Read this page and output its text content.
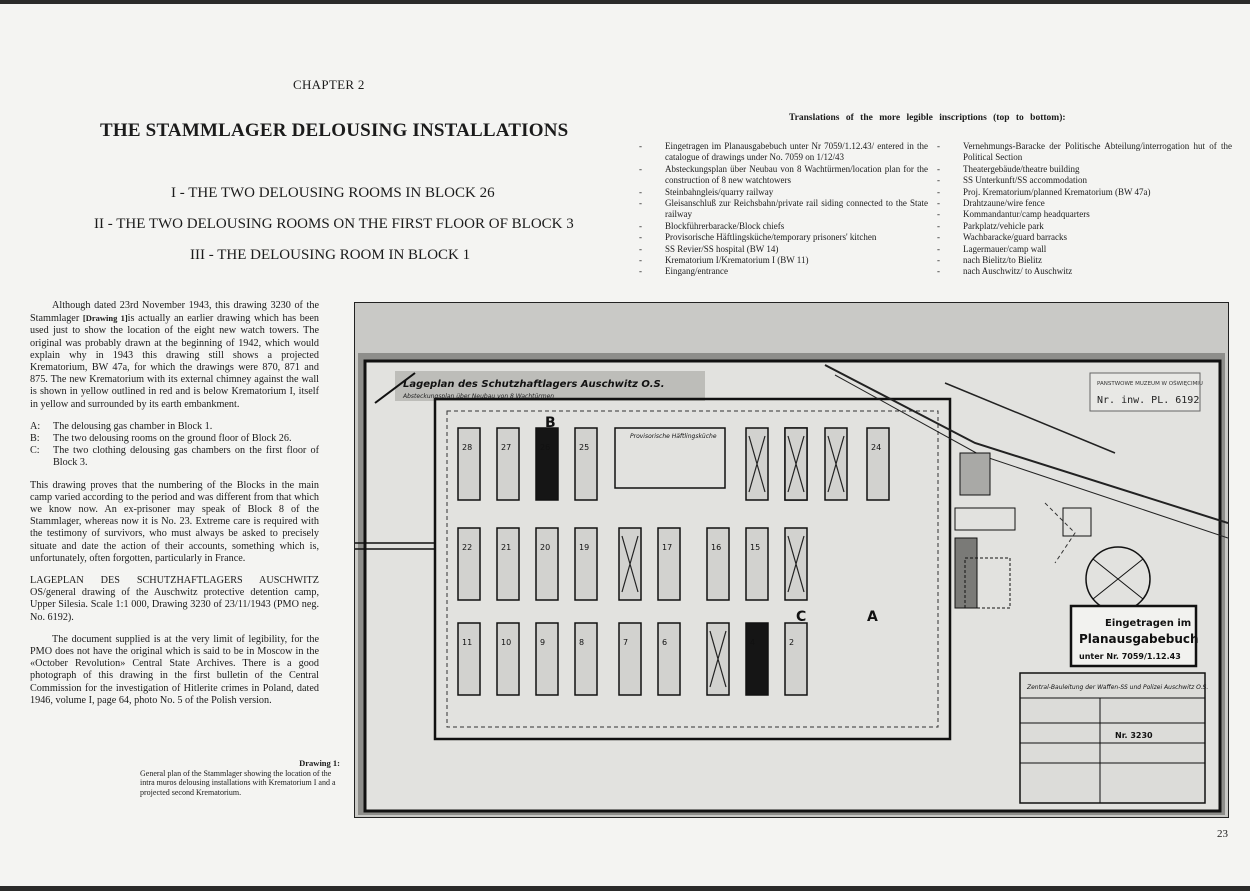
CHAPTER 2
THE STAMMLAGER DELOUSING INSTALLATIONS
I - THE TWO DELOUSING ROOMS IN BLOCK 26
II - THE TWO DELOUSING ROOMS ON THE FIRST FLOOR OF BLOCK 3
III - THE DELOUSING ROOM IN BLOCK 1

Although dated 23rd November 1943, this drawing 3230 of the Stammlager [Drawing 1]is actually an earlier drawing which has been used just to show the location of the eight new watch towers. The original was probably drawn at the beginning of 1942, which would explain why in 1943 this drawing still shows a projected Krematorium, BW 47a, for which the drawings were 870, 871 and 875. The new Krematorium with its external chimney against the wall is shown in yellow outlined in red and is below Krematorium I, itself in yellow and surrounded by its earth embankment.

A:	The delousing gas chamber in Block 1.
B:	The two delousing rooms on the ground floor of Block 26.
C:	The two clothing delousing gas chambers on the first floor of Block 3.

This drawing proves that the numbering of the Blocks in the main camp varied according to the period and was different from that which we know now. An ex-prisoner may speak of Block 8 of the Stammlager, whereas now it is No. 23. Extreme care is required with the testimony of survivors, who must always be asked to precisely situate and date the action of their accounts, something which is, unfortunately, often forgotten, particularly in France.

LAGEPLAN DES SCHUTZHAFTLAGERS AUSCHWITZ OS/general drawing of the Auschwitz protective detention camp, Upper Silesia. Scale 1:1 000, Drawing 3230 of 23/11/1943 (PMO neg. No. 6192).

The document supplied is at the very limit of legibility, for the PMO does not have the original which is said to be in Moscow in the «October Revolution» Central State Archives. There is a good photograph of this drawing in the first bulletin of the Central Commission for the investigation of Hitlerite crimes in Poland, dated 1946, volume I, page 64, photo No. 5 of the Polish version.

Drawing 1:
General plan of the Stammlager showing the location of the intra muros delousing installations with Krematorium I and a projected second Krematorium.
Translations of the more legible inscriptions (top to bottom):
-	Eingetragen im Planausgabebuch unter Nr 7059/1.12.43/ entered in the catalogue of drawings under No. 7059 on 1/12/43
-	Absteckungsplan über Neubau von 8 Wachtürmen/location plan for the construction of 8 new watchtowers
-	Steinbahngleis/quarry railway
-	Gleisanschluß zur Reichsbahn/private rail siding connected to the State railway
-	Blockführerbaracke/Block chiefs
-	Provisorische Häftlingsküche/temporary prisoners' kitchen
-	SS Revier/SS hospital (BW 14)
-	Krematorium I/Krematorium I (BW 11)
-	Eingang/entrance
-	Vernehmungs-Baracke der Politische Abteilung/interrogation hut of the Political Section
-	Theatergebäude/theatre building
-	SS Unterkunft/SS accommodation
-	Proj. Krematorium/planned Krematorium (BW 47a)
-	Drahtzaune/wire fence
-	Kommandantur/camp headquarters
-	Parkplatz/vehicle park
-	Wachbaracke/guard barracks
-	Lagermauer/camp wall
-	nach Bielitz/to Bielitz
-	nach Auschwitz/ to Auschwitz
Lageplan des Schutzhaftlagers Auschwitz O.S.
Absteckungsplan über Neubau von 8 Wachtürmen
28	27	26	25	24
22	21	20	19	17	16	15
11	10	9	8	7	6	4	2
Provisorische Häftlingsküche
B
C	A
PANSTWOWE MUZEUM W OŚWIĘCIMIU
Nr. inw. PL. 6192
Eingetragen im
Planausgabebuch
unter Nr. 7059/1.12.43
Zentral-Bauleitung der Waffen-SS und Polizei Auschwitz O.S.
Nr. 3230
23
